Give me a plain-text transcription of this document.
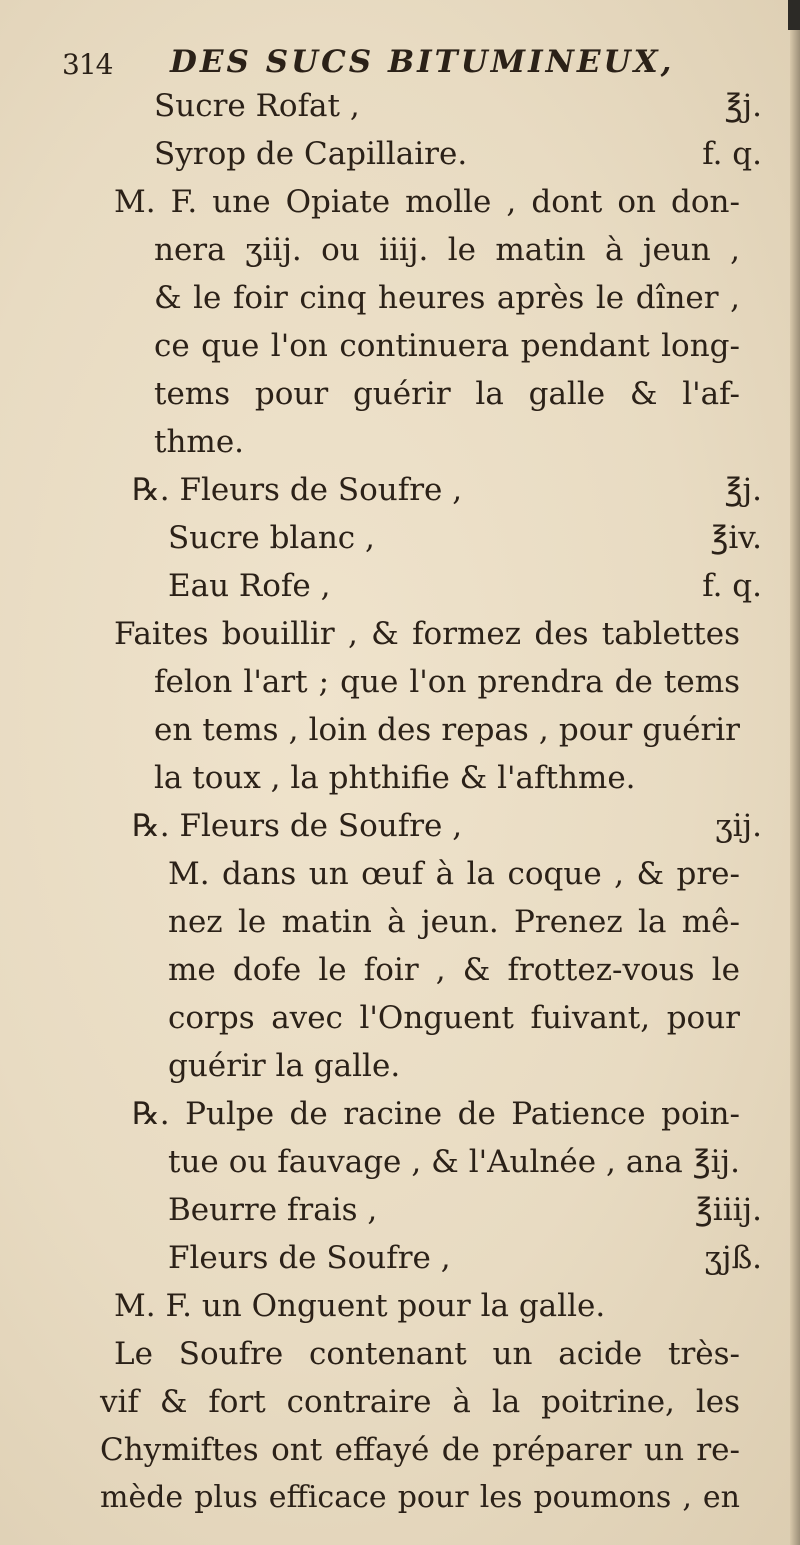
314 DES SUCS BITUMINEUX,
Sucre Rofat ,	℥j.
Syrop de Capillaire.	f. q.
M. F. une Opiate molle , dont on don-
nera ʒiij. ou iiij. le matin à jeun ,
& le foir cinq heures après le dîner ,
ce que l'on continuera pendant long-
tems pour guérir la galle & l'af-
thme.
℞. Fleurs de Soufre ,	℥j.
Sucre blanc ,	℥iv.
Eau Rofe ,	f. q.
Faites bouillir , & formez des tablettes
felon l'art ; que l'on prendra de tems
en tems , loin des repas , pour guérir
la toux , la phthifie & l'afthme.
℞. Fleurs de Soufre ,	ʒij.
M. dans un œuf à la coque , & pre-
nez le matin à jeun. Prenez la mê-
me dofe le foir , & frottez-vous le
corps avec l'Onguent fuivant, pour
guérir la galle.
℞. Pulpe de racine de Patience poin-
tue ou fauvage , & l'Aulnée , ana ℥ij.
Beurre frais ,	℥iiij.
Fleurs de Soufre ,	ʒjß.
M. F. un Onguent pour la galle.
Le Soufre contenant un acide très-
vif & fort contraire à la poitrine, les
Chymiftes ont effayé de préparer un re-
mède plus efficace pour les poumons , en
